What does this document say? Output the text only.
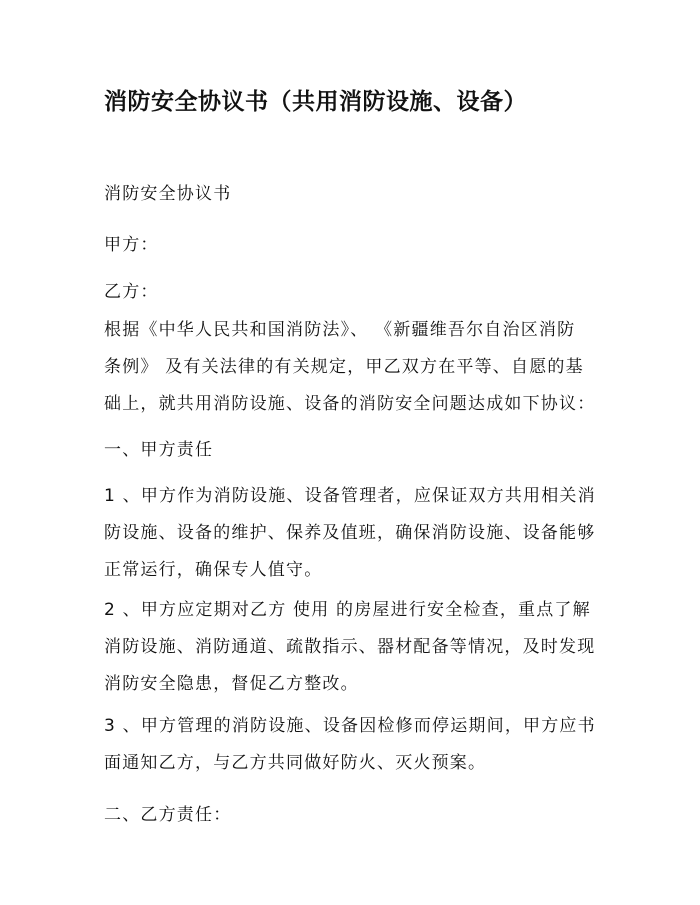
消防安全协议书（共用消防设施、设备）

消防安全协议书

甲方：

乙方：

根据《中华人民共和国消防法》、 《新疆维吾尔自治区消防
条例》 及有关法律的有关规定，甲乙双方在平等、自愿的基
础上，就共用消防设施、设备的消防安全问题达成如下协议：

一、甲方责任

1 、甲方作为消防设施、设备管理者，应保证双方共用相关消
防设施、设备的维护、保养及值班，确保消防设施、设备能够
正常运行，确保专人值守。

2 、甲方应定期对乙方 使用 的房屋进行安全检查，重点了解
消防设施、消防通道、疏散指示、器材配备等情况，及时发现
消防安全隐患，督促乙方整改。

3 、甲方管理的消防设施、设备因检修而停运期间，甲方应书
面通知乙方，与乙方共同做好防火、灭火预案。

二、乙方责任：
